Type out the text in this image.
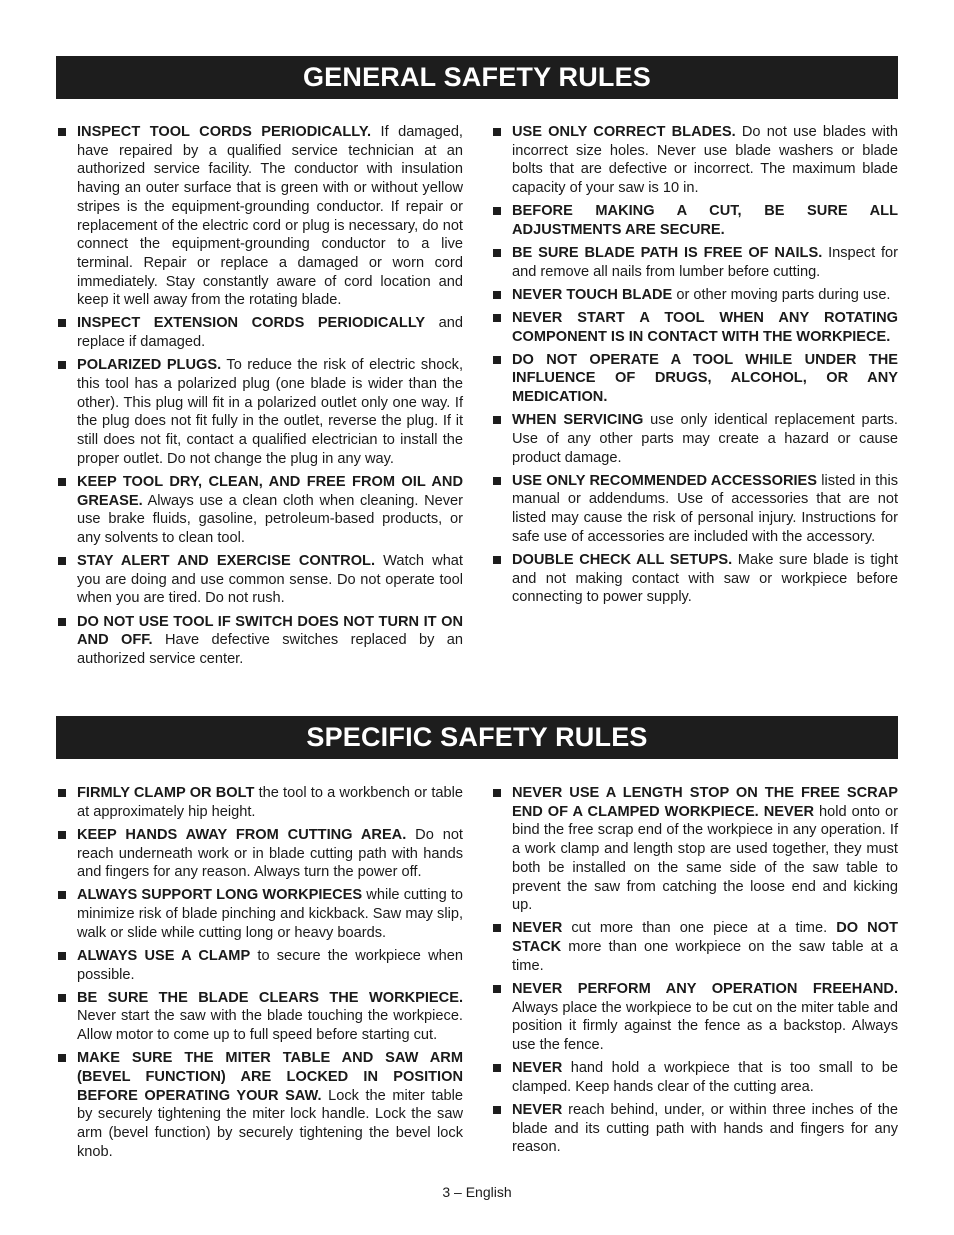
GENERAL SAFETY RULES
INSPECT TOOL CORDS PERIODICALLY. If damaged, have repaired by a qualified service technician at an authorized service facility. The conductor with insulation having an outer surface that is green with or without yellow stripes is the equipment-grounding conductor. If repair or replacement of the electric cord or plug is necessary, do not connect the equipment-grounding conductor to a live terminal. Repair or replace a damaged or worn cord immediately. Stay constantly aware of cord location and keep it well away from the rotating blade.
INSPECT EXTENSION CORDS PERIODICALLY and replace if damaged.
POLARIZED PLUGS. To reduce the risk of electric shock, this tool has a polarized plug (one blade is wider than the other). This plug will fit in a polarized outlet only one way. If the plug does not fit fully in the outlet, reverse the plug. If it still does not fit, contact a qualified electrician to install the proper outlet. Do not change the plug in any way.
KEEP TOOL DRY, CLEAN, AND FREE FROM OIL AND GREASE. Always use a clean cloth when cleaning. Never use brake fluids, gasoline, petroleum-based products, or any solvents to clean tool.
STAY ALERT AND EXERCISE CONTROL. Watch what you are doing and use common sense. Do not operate tool when you are tired. Do not rush.
DO NOT USE TOOL IF SWITCH DOES NOT TURN IT ON AND OFF. Have defective switches replaced by an authorized service center.
USE ONLY CORRECT BLADES. Do not use blades with incorrect size holes. Never use blade washers or blade bolts that are defective or incorrect. The maximum blade capacity of your saw is 10 in.
BEFORE MAKING A CUT, BE SURE ALL ADJUSTMENTS ARE SECURE.
BE SURE BLADE PATH IS FREE OF NAILS. Inspect for and remove all nails from lumber before cutting.
NEVER TOUCH BLADE or other moving parts during use.
NEVER START A TOOL WHEN ANY ROTATING COMPONENT IS IN CONTACT WITH THE WORKPIECE.
DO NOT OPERATE A TOOL WHILE UNDER THE INFLUENCE OF DRUGS, ALCOHOL, OR ANY MEDICATION.
WHEN SERVICING use only identical replacement parts. Use of any other parts may create a hazard or cause product damage.
USE ONLY RECOMMENDED ACCESSORIES listed in this manual or addendums. Use of accessories that are not listed may cause the risk of personal injury. Instructions for safe use of accessories are included with the accessory.
DOUBLE CHECK ALL SETUPS. Make sure blade is tight and not making contact with saw or workpiece before connecting to power supply.
SPECIFIC SAFETY RULES
FIRMLY CLAMP OR BOLT the tool to a workbench or table at approximately hip height.
KEEP HANDS AWAY FROM CUTTING AREA. Do not reach underneath work or in blade cutting path with hands and fingers for any reason. Always turn the power off.
ALWAYS SUPPORT LONG WORKPIECES while cutting to minimize risk of blade pinching and kickback. Saw may slip, walk or slide while cutting long or heavy boards.
ALWAYS USE A CLAMP to secure the workpiece when possible.
BE SURE THE BLADE CLEARS THE WORKPIECE. Never start the saw with the blade touching the workpiece. Allow motor to come up to full speed before starting cut.
MAKE SURE THE MITER TABLE AND SAW ARM (BEVEL FUNCTION) ARE LOCKED IN POSITION BEFORE OPERATING YOUR SAW. Lock the miter table by securely tightening the miter lock handle. Lock the saw arm (bevel function) by securely tightening the bevel lock knob.
NEVER USE A LENGTH STOP ON THE FREE SCRAP END OF A CLAMPED WORKPIECE. NEVER hold onto or bind the free scrap end of the workpiece in any operation. If a work clamp and length stop are used together, they must both be installed on the same side of the saw table to prevent the saw from catching the loose end and kicking up.
NEVER cut more than one piece at a time. DO NOT STACK more than one workpiece on the saw table at a time.
NEVER PERFORM ANY OPERATION FREEHAND. Always place the workpiece to be cut on the miter table and position it firmly against the fence as a backstop. Always use the fence.
NEVER hand hold a workpiece that is too small to be clamped. Keep hands clear of the cutting area.
NEVER reach behind, under, or within three inches of the blade and its cutting path with hands and fingers for any reason.
3 – English
